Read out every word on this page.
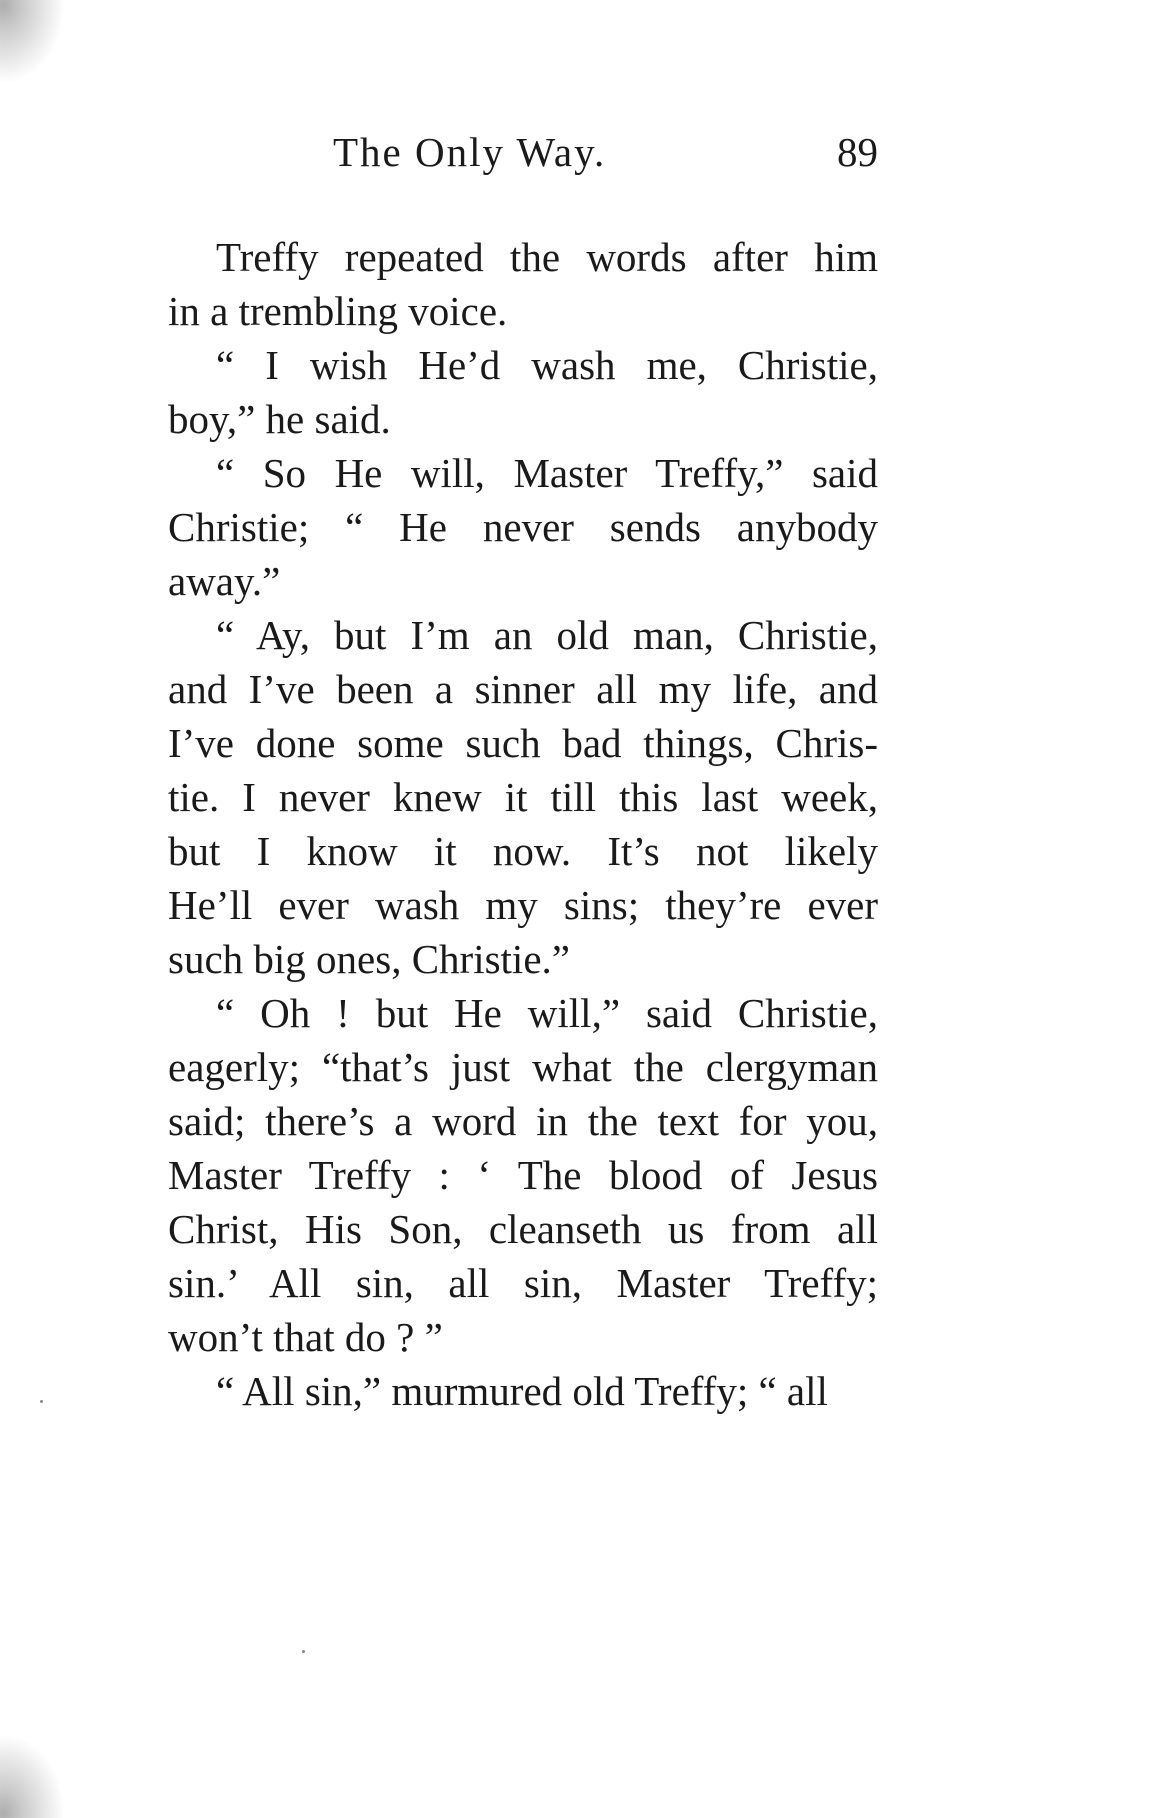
The Only Way.	89

Treffy repeated the words after him
in a trembling voice.

“ I wish He’d wash me, Christie,
boy,” he said.

“ So He will, Master Treffy,” said
Christie; “ He never sends anybody
away.”

“ Ay, but I’m an old man, Christie,
and I’ve been a sinner all my life, and
I’ve done some such bad things, Chris-
tie. I never knew it till this last week,
but I know it now. It’s not likely
He’ll ever wash my sins; they’re ever
such big ones, Christie.”

“ Oh ! but He will,” said Christie,
eagerly; “that’s just what the clergyman
said; there’s a word in the text for you,
Master Treffy : ‘ The blood of Jesus
Christ, His Son, cleanseth us from all
sin.’ All sin, all sin, Master Treffy;
won’t that do ? ”

“ All sin,” murmured old Treffy; “ all
